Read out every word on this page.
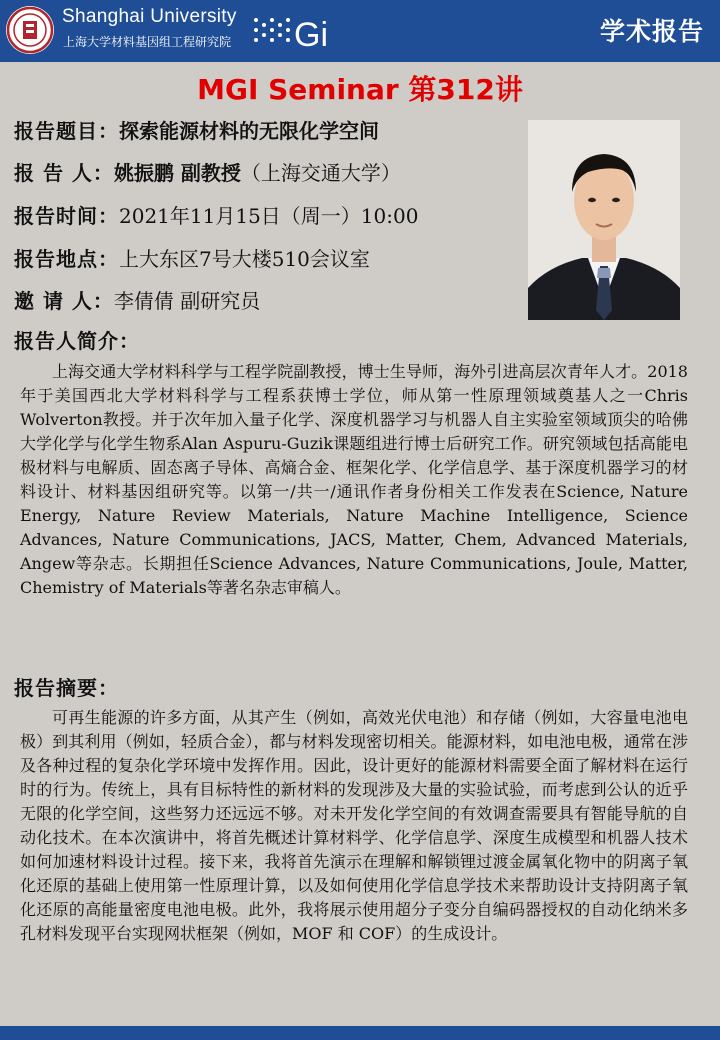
Shanghai University
上海大学材料基因组工程研究院 Gi	学术报告
MGI Seminar 第312讲
报告题目：探索能源材料的无限化学空间
报 告 人：姚振鹏 副教授（上海交通大学）
报告时间：2021年11月15日（周一）10:00
报告地点：上大东区7号大楼510会议室
邀 请 人：李倩倩 副研究员
报告人简介：
上海交通大学材料科学与工程学院副教授，博士生导师，海外引进高层次青年人才。2018年于美国西北大学材料科学与工程系获博士学位，师从第一性原理领域奠基人之一Chris Wolverton教授。并于次年加入量子化学、深度机器学习与机器人自主实验室领域顶尖的哈佛大学化学与化学生物系Alan Aspuru-Guzik课题组进行博士后研究工作。研究领域包括高能电极材料与电解质、固态离子导体、高熵合金、框架化学、化学信息学、基于深度机器学习的材料设计、材料基因组研究等。以第一/共一/通讯作者身份相关工作发表在Science, Nature Energy, Nature Review Materials, Nature Machine Intelligence, Science Advances, Nature Communications, JACS, Matter, Chem, Advanced Materials, Angew等杂志。长期担任Science Advances, Nature Communications, Joule, Matter, Chemistry of Materials等著名杂志审稿人。
报告摘要：
可再生能源的许多方面，从其产生（例如，高效光伏电池）和存储（例如，大容量电池电极）到其利用（例如，轻质合金），都与材料发现密切相关。能源材料，如电池电极，通常在涉及各种过程的复杂化学环境中发挥作用。因此，设计更好的能源材料需要全面了解材料在运行时的行为。传统上，具有目标特性的新材料的发现涉及大量的实验试验，而考虑到公认的近乎无限的化学空间，这些努力还远远不够。对未开发化学空间的有效调查需要具有智能导航的自动化技术。在本次演讲中，将首先概述计算材料学、化学信息学、深度生成模型和机器人技术如何加速材料设计过程。接下来，我将首先演示在理解和解锁锂过渡金属氧化物中的阴离子氧化还原的基础上使用第一性原理计算，以及如何使用化学信息学技术来帮助设计支持阴离子氧化还原的高能量密度电池电极。此外，我将展示使用超分子变分自编码器授权的自动化纳米多孔材料发现平台实现网状框架（例如，MOF 和 COF）的生成设计。
